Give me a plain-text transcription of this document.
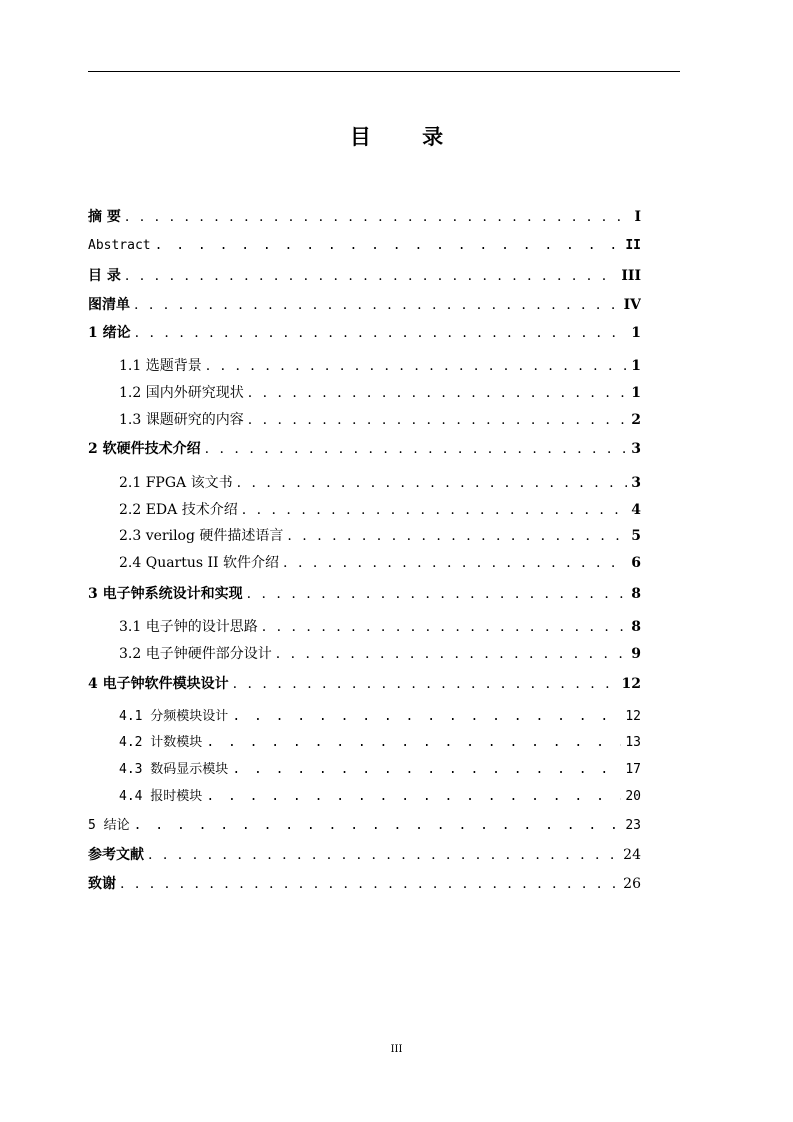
目 录
摘 要 . . .	I
Abstract . . .	II
目 录 . . .	III
图清单 . . .	IV
1 绪论 . . .	1
1.1 选题背景 . . .	1
1.2 国内外研究现状 . . .	1
1.3 课题研究的内容 . . .	2
2 软硬件技术介绍 . . .	3
2.1 FPGA 该文书 . . .	3
2.2 EDA 技术介绍 . . .	4
2.3 verilog 硬件描述语言 . . .	5
2.4 Quartus II 软件介绍 . . .	6
3 电子钟系统设计和实现 . . .	8
3.1 电子钟的设计思路 . . .	8
3.2 电子钟硬件部分设计 . . .	9
4 电子钟软件模块设计 . . .	12
4.1 分频模块设计 . . .	12
4.2 计数模块 . . .	13
4.3 数码显示模块 . . .	17
4.4 报时模块 . . .	20
5 结论 . . .	23
参考文献 . . .	24
致谢 . . .	26
III
